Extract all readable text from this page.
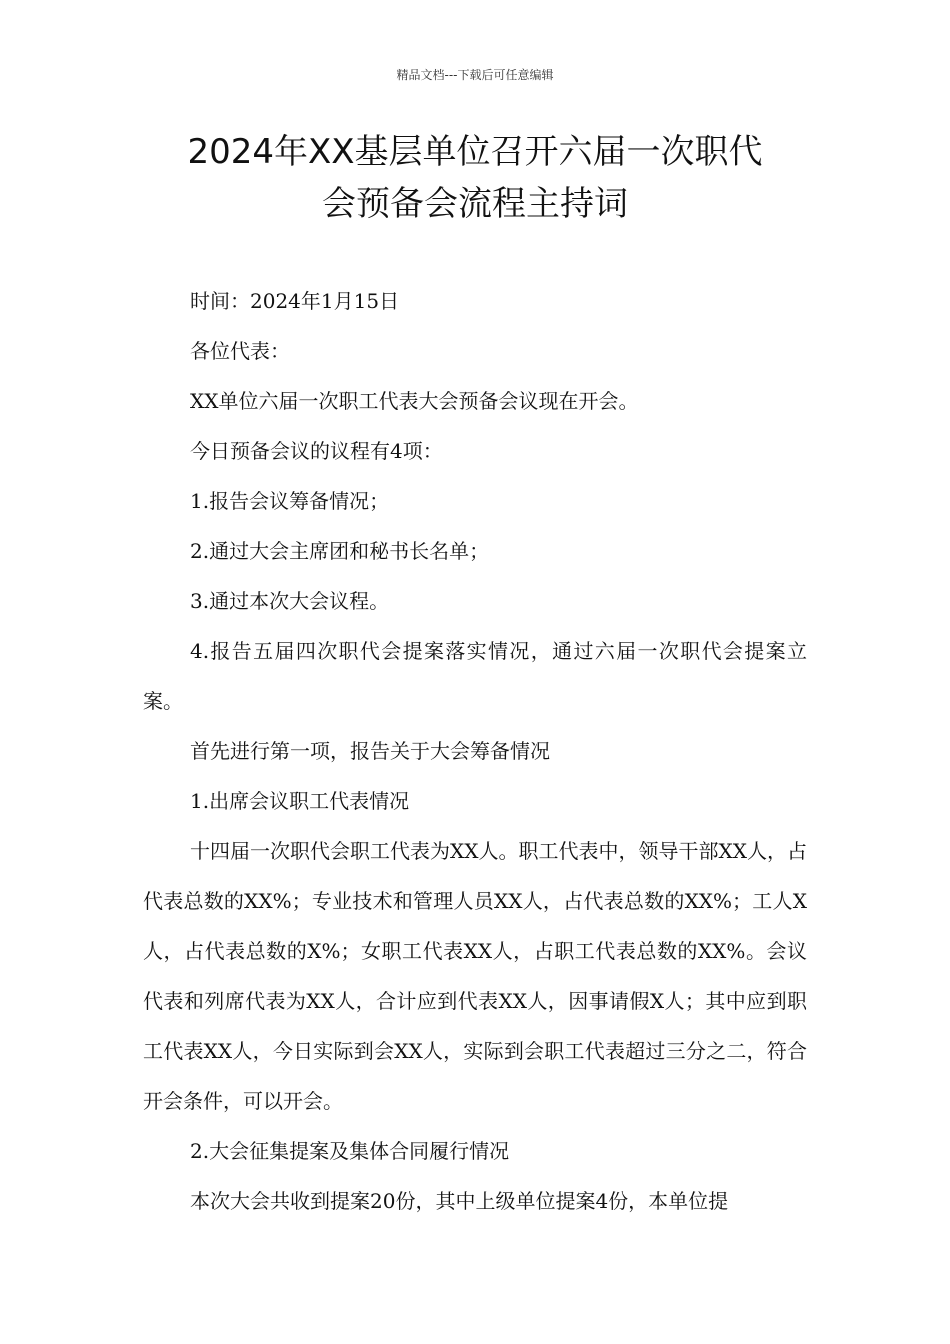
精品文档---下载后可任意编辑
2024年XX基层单位召开六届一次职代
会预备会流程主持词

时间：2024年1月15日

各位代表：

XX单位六届一次职工代表大会预备会议现在开会。

今日预备会议的议程有4项：

1.报告会议筹备情况；

2.通过大会主席团和秘书长名单；

3.通过本次大会议程。

4.报告五届四次职代会提案落实情况，通过六届一次职代会提案立案。

首先进行第一项，报告关于大会筹备情况

1.出席会议职工代表情况

十四届一次职代会职工代表为XX人。职工代表中，领导干部XX人，占代表总数的XX%；专业技术和管理人员XX人，占代表总数的XX%；工人X人，占代表总数的X%；女职工代表XX人，占职工代表总数的XX%。会议代表和列席代表为XX人，合计应到代表XX人，因事请假X人；其中应到职工代表XX人，今日实际到会XX人，实际到会职工代表超过三分之二，符合开会条件，可以开会。

2.大会征集提案及集体合同履行情况

本次大会共收到提案20份，其中上级单位提案4份，本单位提
